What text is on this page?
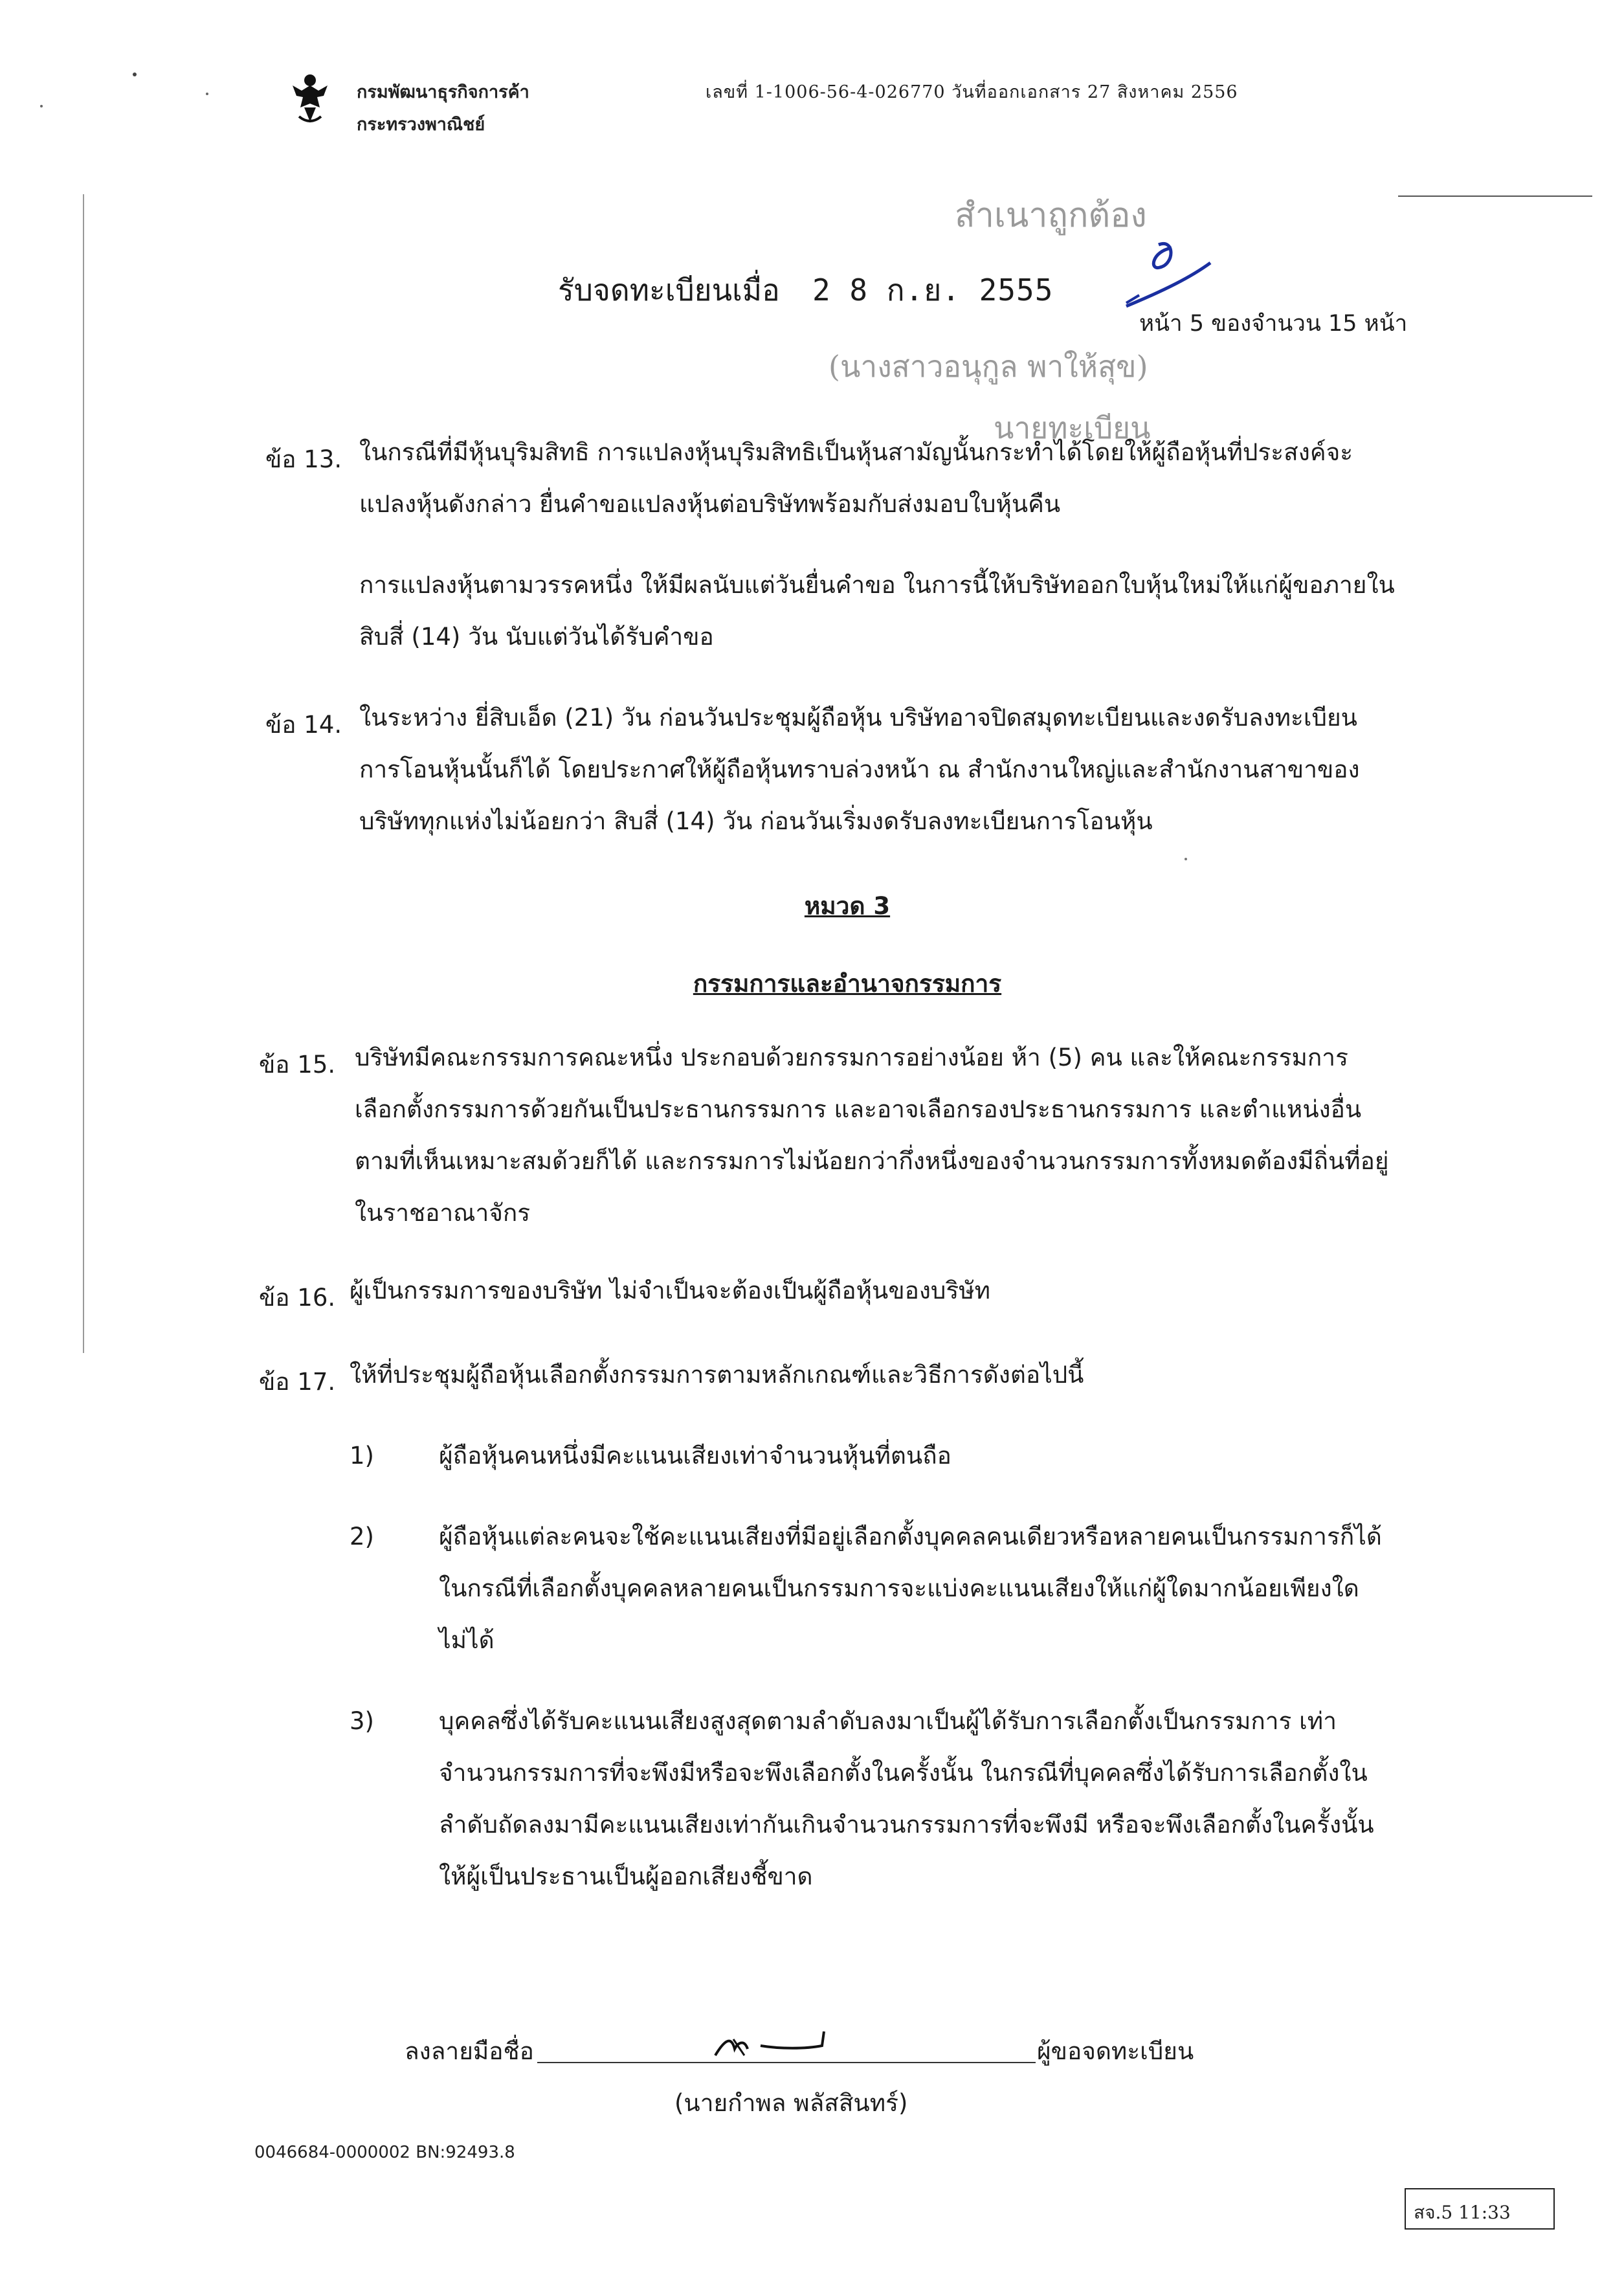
กรมพัฒนาธุรกิจการค้า
กระทรวงพาณิชย์
เลขที่ 1-1006-56-4-026770 วันที่ออกเอกสาร 27 สิงหาคม 2556
สำเนาถูกต้อง
รับจดทะเบียนเมื่อ 2 8 ก.ย. 2555
หน้า 5 ของจำนวน 15 หน้า
(นางสาวอนุกูล พาให้สุข)
นายทะเบียน
ข้อ 13. ในกรณีที่มีหุ้นบุริมสิทธิ การแปลงหุ้นบุริมสิทธิเป็นหุ้นสามัญนั้นกระทำได้โดยให้ผู้ถือหุ้นที่ประสงค์จะ
แปลงหุ้นดังกล่าว ยื่นคำขอแปลงหุ้นต่อบริษัทพร้อมกับส่งมอบใบหุ้นคืน
การแปลงหุ้นตามวรรคหนึ่ง ให้มีผลนับแต่วันยื่นคำขอ ในการนี้ให้บริษัทออกใบหุ้นใหม่ให้แก่ผู้ขอภายใน
สิบสี่ (14) วัน นับแต่วันได้รับคำขอ
ข้อ 14. ในระหว่าง ยี่สิบเอ็ด (21) วัน ก่อนวันประชุมผู้ถือหุ้น บริษัทอาจปิดสมุดทะเบียนและงดรับลงทะเบียน
การโอนหุ้นนั้นก็ได้ โดยประกาศให้ผู้ถือหุ้นทราบล่วงหน้า ณ สำนักงานใหญ่และสำนักงานสาขาของ
บริษัททุกแห่งไม่น้อยกว่า สิบสี่ (14) วัน ก่อนวันเริ่มงดรับลงทะเบียนการโอนหุ้น
หมวด 3
กรรมการและอำนาจกรรมการ
ข้อ 15. บริษัทมีคณะกรรมการคณะหนึ่ง ประกอบด้วยกรรมการอย่างน้อย ห้า (5) คน และให้คณะกรรมการ
เลือกตั้งกรรมการด้วยกันเป็นประธานกรรมการ และอาจเลือกรองประธานกรรมการ และตำแหน่งอื่น
ตามที่เห็นเหมาะสมด้วยก็ได้ และกรรมการไม่น้อยกว่ากึ่งหนึ่งของจำนวนกรรมการทั้งหมดต้องมีถิ่นที่อยู่
ในราชอาณาจักร
ข้อ 16. ผู้เป็นกรรมการของบริษัท ไม่จำเป็นจะต้องเป็นผู้ถือหุ้นของบริษัท
ข้อ 17. ให้ที่ประชุมผู้ถือหุ้นเลือกตั้งกรรมการตามหลักเกณฑ์และวิธีการดังต่อไปนี้
1)	ผู้ถือหุ้นคนหนึ่งมีคะแนนเสียงเท่าจำนวนหุ้นที่ตนถือ
2)	ผู้ถือหุ้นแต่ละคนจะใช้คะแนนเสียงที่มีอยู่เลือกตั้งบุคคลคนเดียวหรือหลายคนเป็นกรรมการก็ได้
ในกรณีที่เลือกตั้งบุคคลหลายคนเป็นกรรมการจะแบ่งคะแนนเสียงให้แก่ผู้ใดมากน้อยเพียงใด
ไม่ได้
3)	บุคคลซึ่งได้รับคะแนนเสียงสูงสุดตามลำดับลงมาเป็นผู้ได้รับการเลือกตั้งเป็นกรรมการ เท่า
จำนวนกรรมการที่จะพึงมีหรือจะพึงเลือกตั้งในครั้งนั้น ในกรณีที่บุคคลซึ่งได้รับการเลือกตั้งใน
ลำดับถัดลงมามีคะแนนเสียงเท่ากันเกินจำนวนกรรมการที่จะพึงมี หรือจะพึงเลือกตั้งในครั้งนั้น
ให้ผู้เป็นประธานเป็นผู้ออกเสียงชี้ขาด
ลงลายมือชื่อ	ผู้ขอจดทะเบียน
(นายกำพล พลัสสินทร์)
0046684-0000002 BN:92493.8
สจ.5 11:33
